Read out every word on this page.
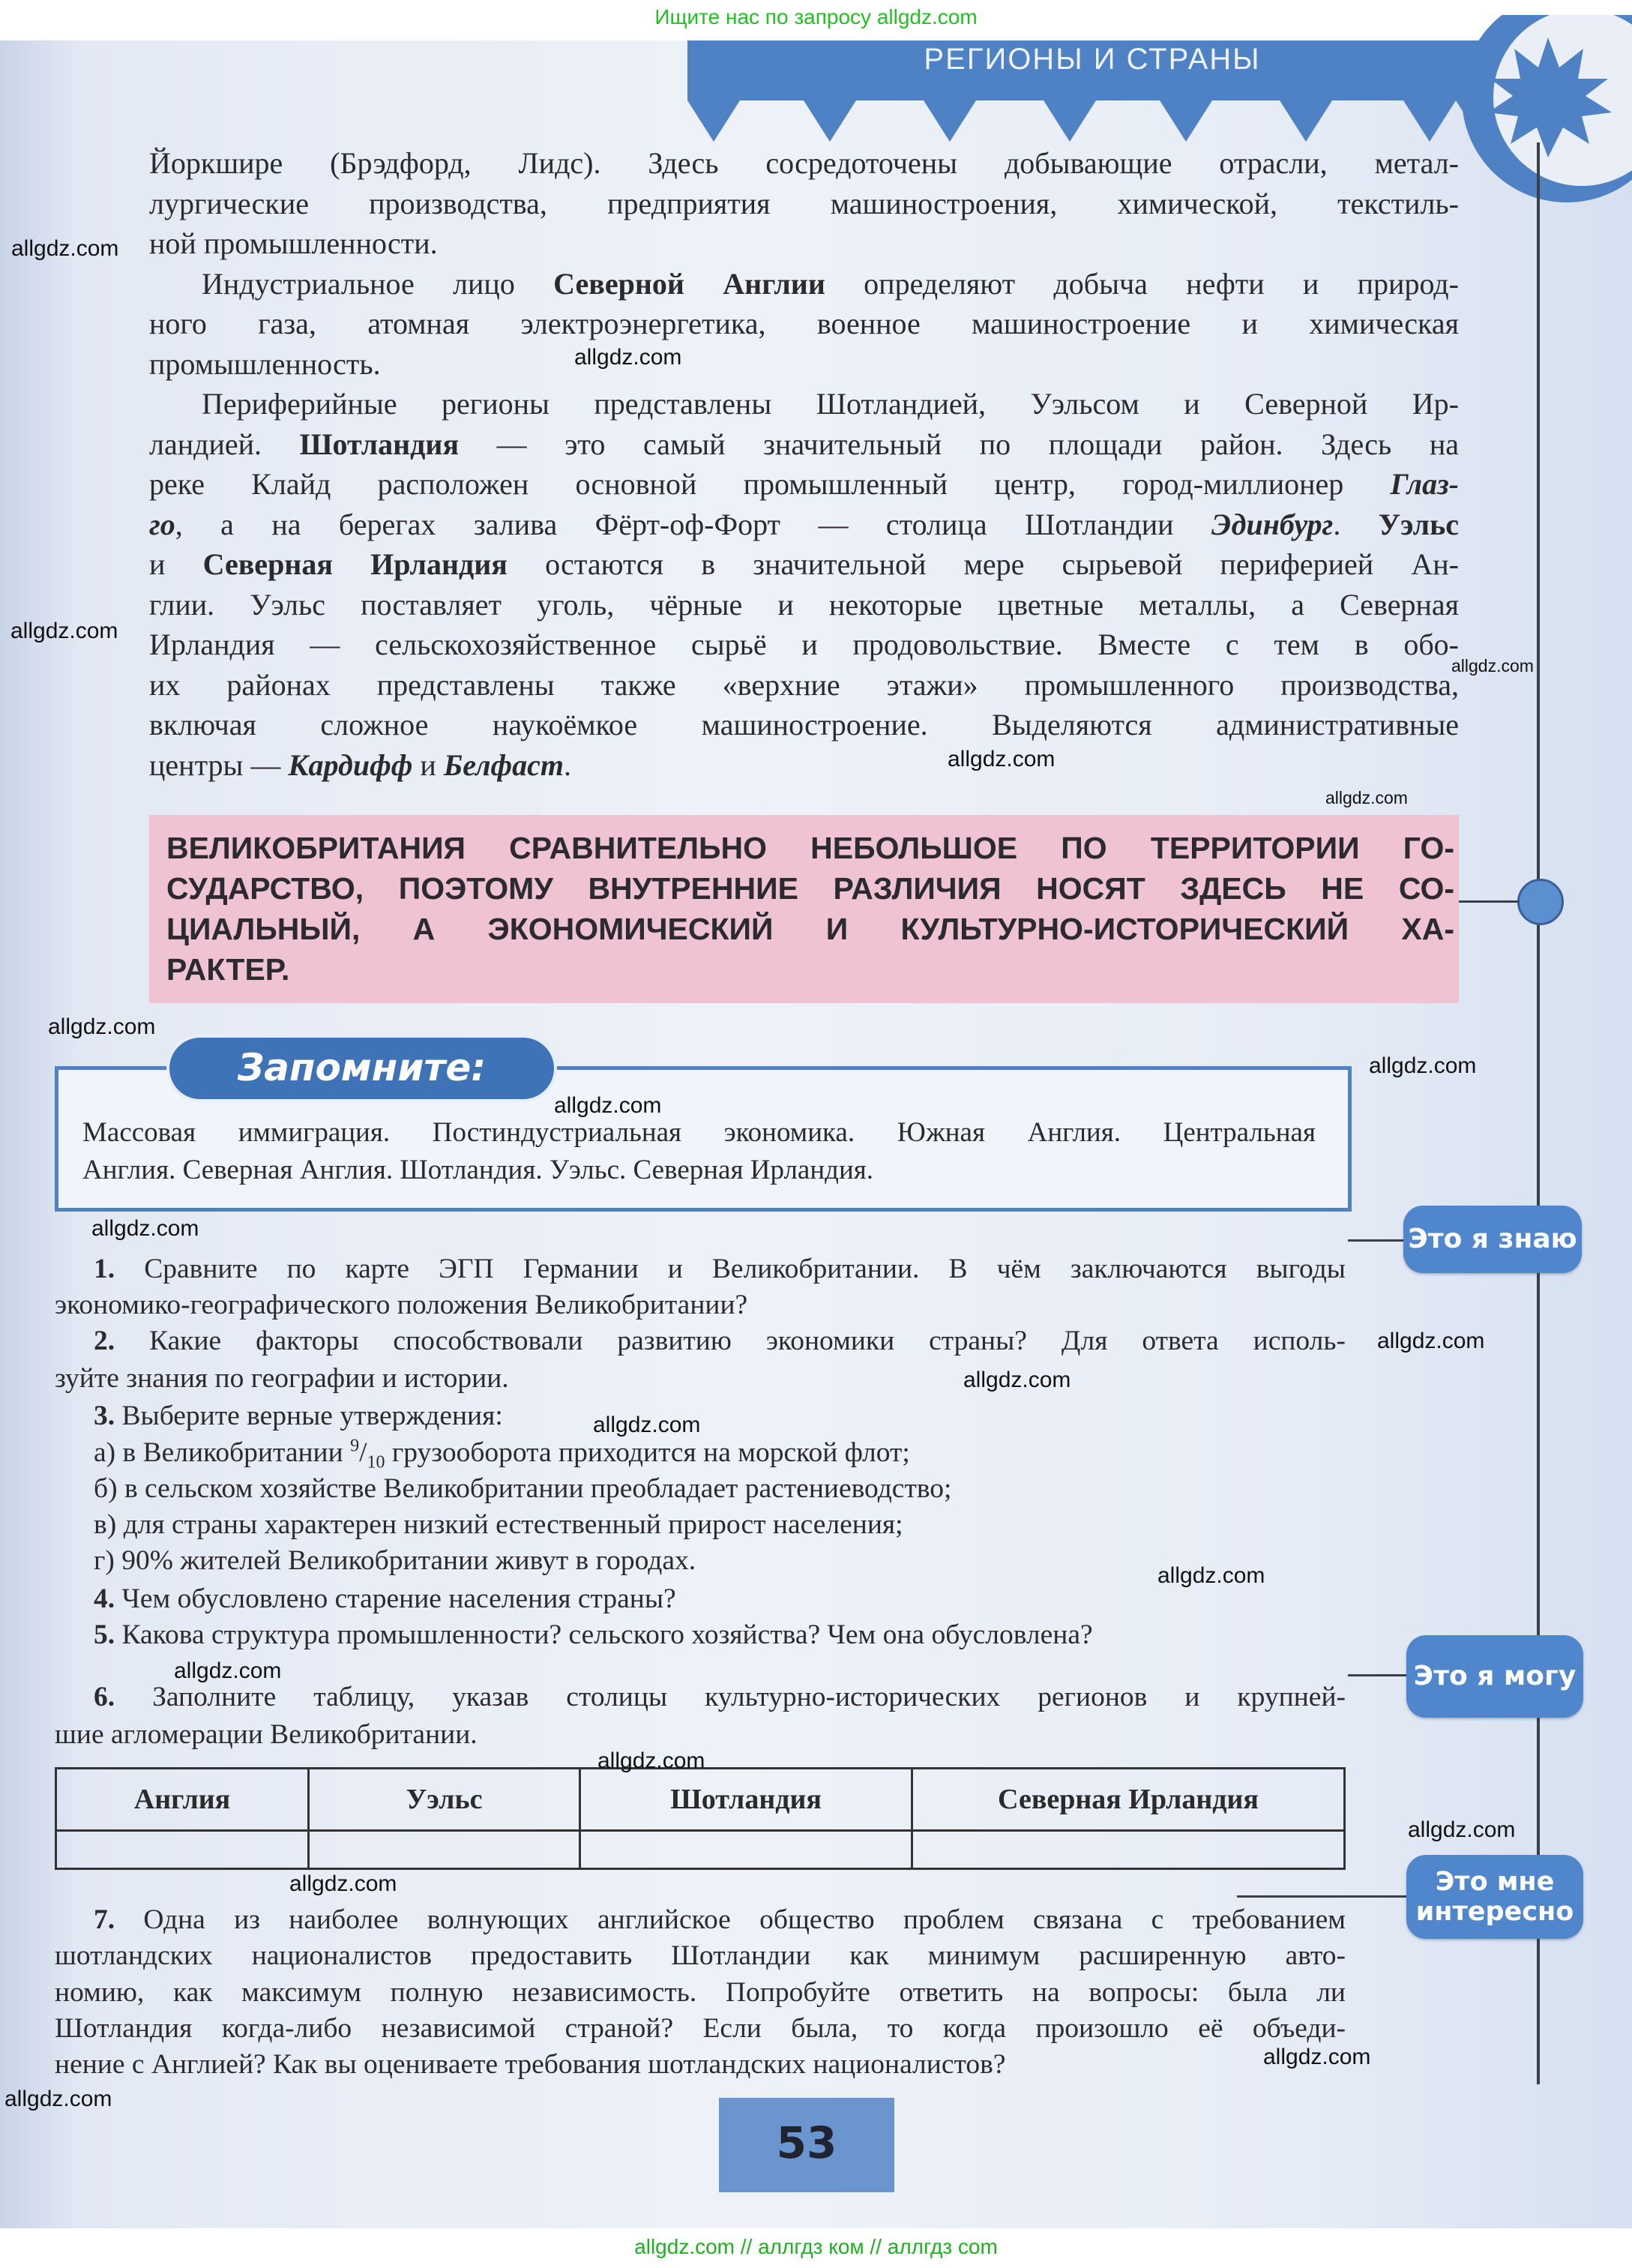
Ищите нас по запросу allgdz.com
РЕГИОНЫ И СТРАНЫ
Йоркшире (Брэдфорд, Лидс). Здесь сосредоточены добывающие отрасли, метал-
лургические производства, предприятия машиностроения, химической, текстиль-
ной промышленности.
Индустриальное лицо Северной Англии определяют добыча нефти и природ-
ного газа, атомная электроэнергетика, военное машиностроение и химическая
промышленность.
Периферийные регионы представлены Шотландией, Уэльсом и Северной Ир-
ландией. Шотландия — это самый значительный по площади район. Здесь на
реке Клайд расположен основной промышленный центр, город-миллионер Глаз-
го, а на берегах залива Фёрт-оф-Форт — столица Шотландии Эдинбург. Уэльс
и Северная Ирландия остаются в значительной мере сырьевой периферией Ан-
глии. Уэльс поставляет уголь, чёрные и некоторые цветные металлы, а Северная
Ирландия — сельскохозяйственное сырьё и продовольствие. Вместе с тем в обо-
их районах представлены также «верхние этажи» промышленного производства,
включая сложное наукоёмкое машиностроение. Выделяются административные
центры — Кардифф и Белфаст.
ВЕЛИКОБРИТАНИЯ СРАВНИТЕЛЬНО НЕБОЛЬШОЕ ПО ТЕРРИТОРИИ ГО-
СУДАРСТВО, ПОЭТОМУ ВНУТРЕННИЕ РАЗЛИЧИЯ НОСЯТ ЗДЕСЬ НЕ СО-
ЦИАЛЬНЫЙ, А ЭКОНОМИЧЕСКИЙ И КУЛЬТУРНО-ИСТОРИЧЕСКИЙ ХА-
РАКТЕР.
Запомните:
Массовая иммиграция. Постиндустриальная экономика. Южная Англия. Центральная
Англия. Северная Англия. Шотландия. Уэльс. Северная Ирландия.
Это я знаю
Это я могу
Это мне
интересно
1. Сравните по карте ЭГП Германии и Великобритании. В чём заключаются выгоды
экономико-географического положения Великобритании?
2. Какие факторы способствовали развитию экономики страны? Для ответа исполь-
зуйте знания по географии и истории.
3. Выберите верные утверждения:
а) в Великобритании $^9/_{10}$ грузооборота приходится на морской флот;
б) в сельском хозяйстве Великобритании преобладает растениеводство;
в) для страны характерен низкий естественный прирост населения;
г) 90% жителей Великобритании живут в городах.
4. Чем обусловлено старение населения страны?
5. Какова структура промышленности? сельского хозяйства? Чем она обусловлена?
6. Заполните таблицу, указав столицы культурно-исторических регионов и крупней-
шие агломерации Великобритании.
Англия	Уэльс	Шотландия	Северная Ирландия

7. Одна из наиболее волнующих английское общество проблем связана с требованием
шотландских националистов предоставить Шотландии как минимум расширенную авто-
номию, как максимум полную независимость. Попробуйте ответить на вопросы: была ли
Шотландия когда-либо независимой страной? Если была, то когда произошло её объеди-
нение с Англией? Как вы оцениваете требования шотландских националистов?
53
allgdz.com
allgdz.com
allgdz.com
allgdz.com
allgdz.com
allgdz.com
allgdz.com
allgdz.com
allgdz.com
allgdz.com
allgdz.com
allgdz.com
allgdz.com
allgdz.com
allgdz.com
allgdz.com
allgdz.com
allgdz.com
allgdz.com
allgdz.com
allgdz.com // аллгдз ком // аллгдз com
